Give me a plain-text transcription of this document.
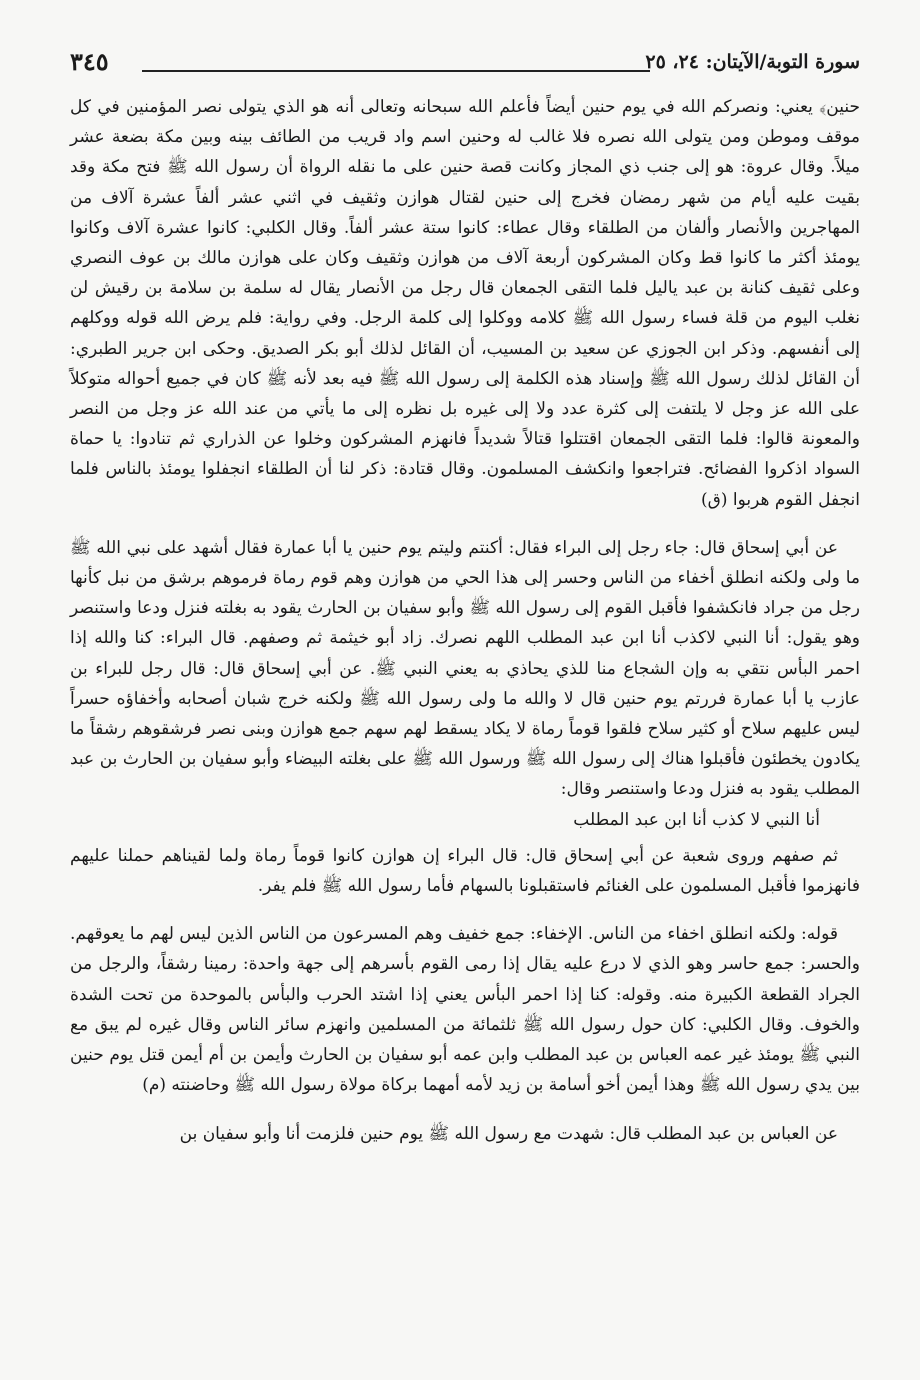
٣٤٥	سورة التوبة/الآيتان: ٢٤، ٢٥

حنين﴾ يعني: ونصركم الله في يوم حنين أيضاً فأعلم الله سبحانه وتعالى أنه هو الذي يتولى نصر المؤمنين في كل موقف وموطن ومن يتولى الله نصره فلا غالب له وحنين اسم واد قريب من الطائف بينه وبين مكة بضعة عشر ميلاً. وقال عروة: هو إلى جنب ذي المجاز وكانت قصة حنين على ما نقله الرواة أن رسول الله ﷺ فتح مكة وقد بقيت عليه أيام من شهر رمضان فخرج إلى حنين لقتال هوازن وثقيف في اثني عشر ألفاً عشرة آلاف من المهاجرين والأنصار وألفان من الطلقاء وقال عطاء: كانوا ستة عشر ألفاً. وقال الكلبي: كانوا عشرة آلاف وكانوا يومئذ أكثر ما كانوا قط وكان المشركون أربعة آلاف من هوازن وثقيف وكان على هوازن مالك بن عوف النصري وعلى ثقيف كنانة بن عبد ياليل فلما التقى الجمعان قال رجل من الأنصار يقال له سلمة بن سلامة بن رقيش لن نغلب اليوم من قلة فساء رسول الله ﷺ كلامه ووكلوا إلى كلمة الرجل. وفي رواية: فلم يرض الله قوله ووكلهم إلى أنفسهم. وذكر ابن الجوزي عن سعيد بن المسيب، أن القائل لذلك أبو بكر الصديق. وحكى ابن جرير الطبري: أن القائل لذلك رسول الله ﷺ وإسناد هذه الكلمة إلى رسول الله ﷺ فيه بعد لأنه ﷺ كان في جميع أحواله متوكلاً على الله عز وجل لا يلتفت إلى كثرة عدد ولا إلى غيره بل نظره إلى ما يأتي من عند الله عز وجل من النصر والمعونة قالوا: فلما التقى الجمعان اقتتلوا قتالاً شديداً فانهزم المشركون وخلوا عن الذراري ثم تنادوا: يا حماة السواد اذكروا الفضائح. فتراجعوا وانكشف المسلمون. وقال قتادة: ذكر لنا أن الطلقاء انجفلوا يومئذ بالناس فلما انجفل القوم هربوا (ق)

عن أبي إسحاق قال: جاء رجل إلى البراء فقال: أكنتم وليتم يوم حنين يا أبا عمارة فقال أشهد على نبي الله ﷺ ما ولى ولكنه انطلق أخفاء من الناس وحسر إلى هذا الحي من هوازن وهم قوم رماة فرموهم برشق من نبل كأنها رجل من جراد فانكشفوا فأقبل القوم إلى رسول الله ﷺ وأبو سفيان بن الحارث يقود به بغلته فنزل ودعا واستنصر وهو يقول: أنا النبي لاكذب أنا ابن عبد المطلب اللهم نصرك. زاد أبو خيثمة ثم وصفهم. قال البراء: كنا والله إذا احمر البأس نتقي به وإن الشجاع منا للذي يحاذي به يعني النبي ﷺ. عن أبي إسحاق قال: قال رجل للبراء بن عازب يا أبا عمارة فررتم يوم حنين قال لا والله ما ولى رسول الله ﷺ ولكنه خرج شبان أصحابه وأخفاؤه حسراً ليس عليهم سلاح أو كثير سلاح فلقوا قوماً رماة لا يكاد يسقط لهم سهم جمع هوازن وبنى نصر فرشقوهم رشقاً ما يكادون يخطئون فأقبلوا هناك إلى رسول الله ﷺ ورسول الله ﷺ على بغلته البيضاء وأبو سفيان بن الحارث بن عبد المطلب يقود به فنزل ودعا واستنصر وقال:

أنا النبي لا كذب أنا ابن عبد المطلب

ثم صفهم وروى شعبة عن أبي إسحاق قال: قال البراء إن هوازن كانوا قوماً رماة ولما لقيناهم حملنا عليهم فانهزموا فأقبل المسلمون على الغنائم فاستقبلونا بالسهام فأما رسول الله ﷺ فلم يفر.

قوله: ولكنه انطلق اخفاء من الناس. الإخفاء: جمع خفيف وهم المسرعون من الناس الذين ليس لهم ما يعوقهم. والحسر: جمع حاسر وهو الذي لا درع عليه يقال إذا رمى القوم بأسرهم إلى جهة واحدة: رمينا رشقاً، والرجل من الجراد القطعة الكبيرة منه. وقوله: كنا إذا احمر البأس يعني إذا اشتد الحرب والبأس بالموحدة من تحت الشدة والخوف. وقال الكلبي: كان حول رسول الله ﷺ ثلثمائة من المسلمين وانهزم سائر الناس وقال غيره لم يبق مع النبي ﷺ يومئذ غير عمه العباس بن عبد المطلب وابن عمه أبو سفيان بن الحارث وأيمن بن أم أيمن قتل يوم حنين بين يدي رسول الله ﷺ وهذا أيمن أخو أسامة بن زيد لأمه أمهما بركاة مولاة رسول الله ﷺ وحاضنته (م)

عن العباس بن عبد المطلب قال: شهدت مع رسول الله ﷺ يوم حنين فلزمت أنا وأبو سفيان بن
